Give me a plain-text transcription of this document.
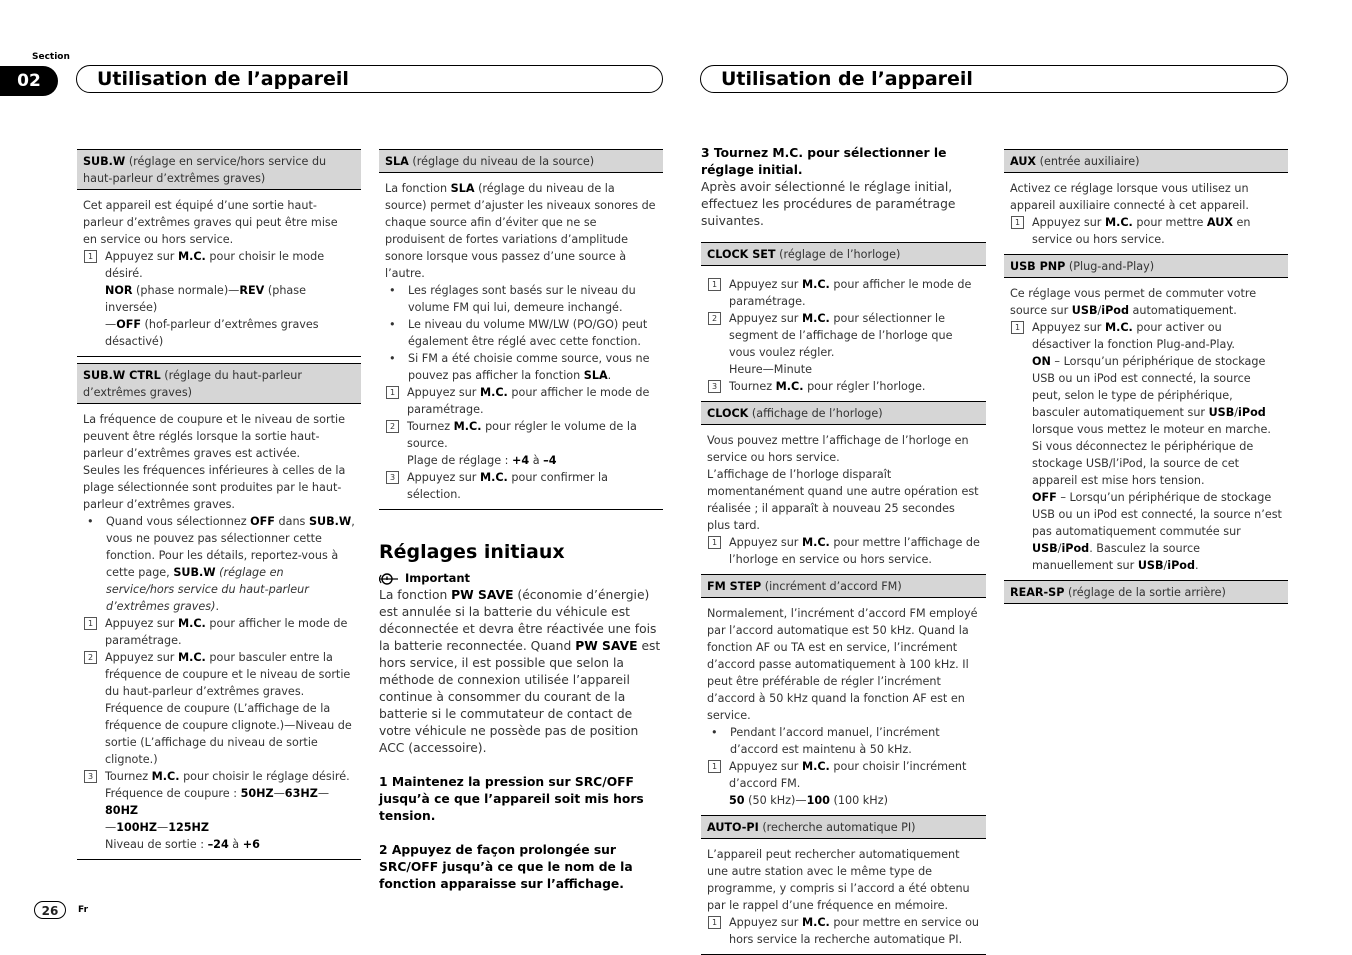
Section
02	Utilisation de l’appareil	Utilisation de l’appareil
SUB.W (réglage en service/hors service du haut-parleur d’extrêmes graves)
Cet appareil est équipé d’une sortie haut-parleur d’extrêmes graves qui peut être mise en service ou hors service.
1	Appuyez sur M.C. pour choisir le mode désiré.
NOR (phase normale)—REV (phase inversée)
—OFF (hof-parleur d’extrêmes graves désactivé)
SUB.W CTRL (réglage du haut-parleur d’extrêmes graves)
La fréquence de coupure et le niveau de sortie peuvent être réglés lorsque la sortie haut-parleur d’extrêmes graves est activée.
Seules les fréquences inférieures à celles de la plage sélectionnée sont produites par le haut-parleur d’extrêmes graves.
•	Quand vous sélectionnez OFF dans SUB.W, vous ne pouvez pas sélectionner cette fonction. Pour les détails, reportez-vous à cette page, SUB.W (réglage en service/hors service du haut-parleur d’extrêmes graves).
1	Appuyez sur M.C. pour afficher le mode de paramétrage.
2	Appuyez sur M.C. pour basculer entre la fréquence de coupure et le niveau de sortie du haut-parleur d’extrêmes graves.
Fréquence de coupure (L’affichage de la fréquence de coupure clignote.)—Niveau de sortie (L’affichage du niveau de sortie clignote.)
3	Tournez M.C. pour choisir le réglage désiré.
Fréquence de coupure : 50HZ—63HZ—80HZ
—100HZ—125HZ
Niveau de sortie : –24 à +6
SLA (réglage du niveau de la source)
La fonction SLA (réglage du niveau de la source) permet d’ajuster les niveaux sonores de chaque source afin d’éviter que ne se produisent de fortes variations d’amplitude sonore lorsque vous passez d’une source à l’autre.
•	Les réglages sont basés sur le niveau du volume FM qui lui, demeure inchangé.
•	Le niveau du volume MW/LW (PO/GO) peut également être réglé avec cette fonction.
•	Si FM a été choisie comme source, vous ne pouvez pas afficher la fonction SLA.
1	Appuyez sur M.C. pour afficher le mode de paramétrage.
2	Tournez M.C. pour régler le volume de la source.
Plage de réglage : +4 à –4
3	Appuyez sur M.C. pour confirmer la sélection.
Réglages initiaux
Important
La fonction PW SAVE (économie d’énergie) est annulée si la batterie du véhicule est déconnectée et devra être réactivée une fois la batterie reconnectée. Quand PW SAVE est hors service, il est possible que selon la méthode de connexion utilisée l’appareil continue à consommer du courant de la batterie si le commutateur de contact de votre véhicule ne possède pas de position ACC (accessoire).
1 Maintenez la pression sur SRC/OFF jusqu’à ce que l’appareil soit mis hors tension.
2 Appuyez de façon prolongée sur SRC/OFF jusqu’à ce que le nom de la fonction apparaisse sur l’affichage.
3 Tournez M.C. pour sélectionner le réglage initial.
Après avoir sélectionné le réglage initial, effectuez les procédures de paramétrage suivantes.
CLOCK SET (réglage de l’horloge)
1	Appuyez sur M.C. pour afficher le mode de paramétrage.
2	Appuyez sur M.C. pour sélectionner le segment de l’affichage de l’horloge que vous voulez régler.
Heure—Minute
3	Tournez M.C. pour régler l’horloge.
CLOCK (affichage de l’horloge)
Vous pouvez mettre l’affichage de l’horloge en service ou hors service.
L’affichage de l’horloge disparaît momentanément quand une autre opération est réalisée ; il apparaît à nouveau 25 secondes plus tard.
1	Appuyez sur M.C. pour mettre l’affichage de l’horloge en service ou hors service.
FM STEP (incrément d’accord FM)
Normalement, l’incrément d’accord FM employé par l’accord automatique est 50 kHz. Quand la fonction AF ou TA est en service, l’incrément d’accord passe automatiquement à 100 kHz. Il peut être préférable de régler l’incrément d’accord à 50 kHz quand la fonction AF est en service.
•	Pendant l’accord manuel, l’incrément d’accord est maintenu à 50 kHz.
1	Appuyez sur M.C. pour choisir l’incrément d’accord FM.
50 (50 kHz)—100 (100 kHz)
AUTO-PI (recherche automatique PI)
L’appareil peut rechercher automatiquement une autre station avec le même type de programme, y compris si l’accord a été obtenu par le rappel d’une fréquence en mémoire.
1	Appuyez sur M.C. pour mettre en service ou hors service la recherche automatique PI.
AUX (entrée auxiliaire)
Activez ce réglage lorsque vous utilisez un appareil auxiliaire connecté à cet appareil.
1	Appuyez sur M.C. pour mettre AUX en service ou hors service.
USB PNP (Plug-and-Play)
Ce réglage vous permet de commuter votre source sur USB/iPod automatiquement.
1	Appuyez sur M.C. pour activer ou désactiver la fonction Plug-and-Play.
ON – Lorsqu’un périphérique de stockage USB ou un iPod est connecté, la source peut, selon le type de périphérique, basculer automatiquement sur USB/iPod lorsque vous mettez le moteur en marche. Si vous déconnectez le périphérique de stockage USB/l’iPod, la source de cet appareil est mise hors tension.
OFF – Lorsqu’un périphérique de stockage USB ou un iPod est connecté, la source n’est pas automatiquement commutée sur USB/iPod. Basculez la source manuellement sur USB/iPod.
REAR-SP (réglage de la sortie arrière)
26	Fr
